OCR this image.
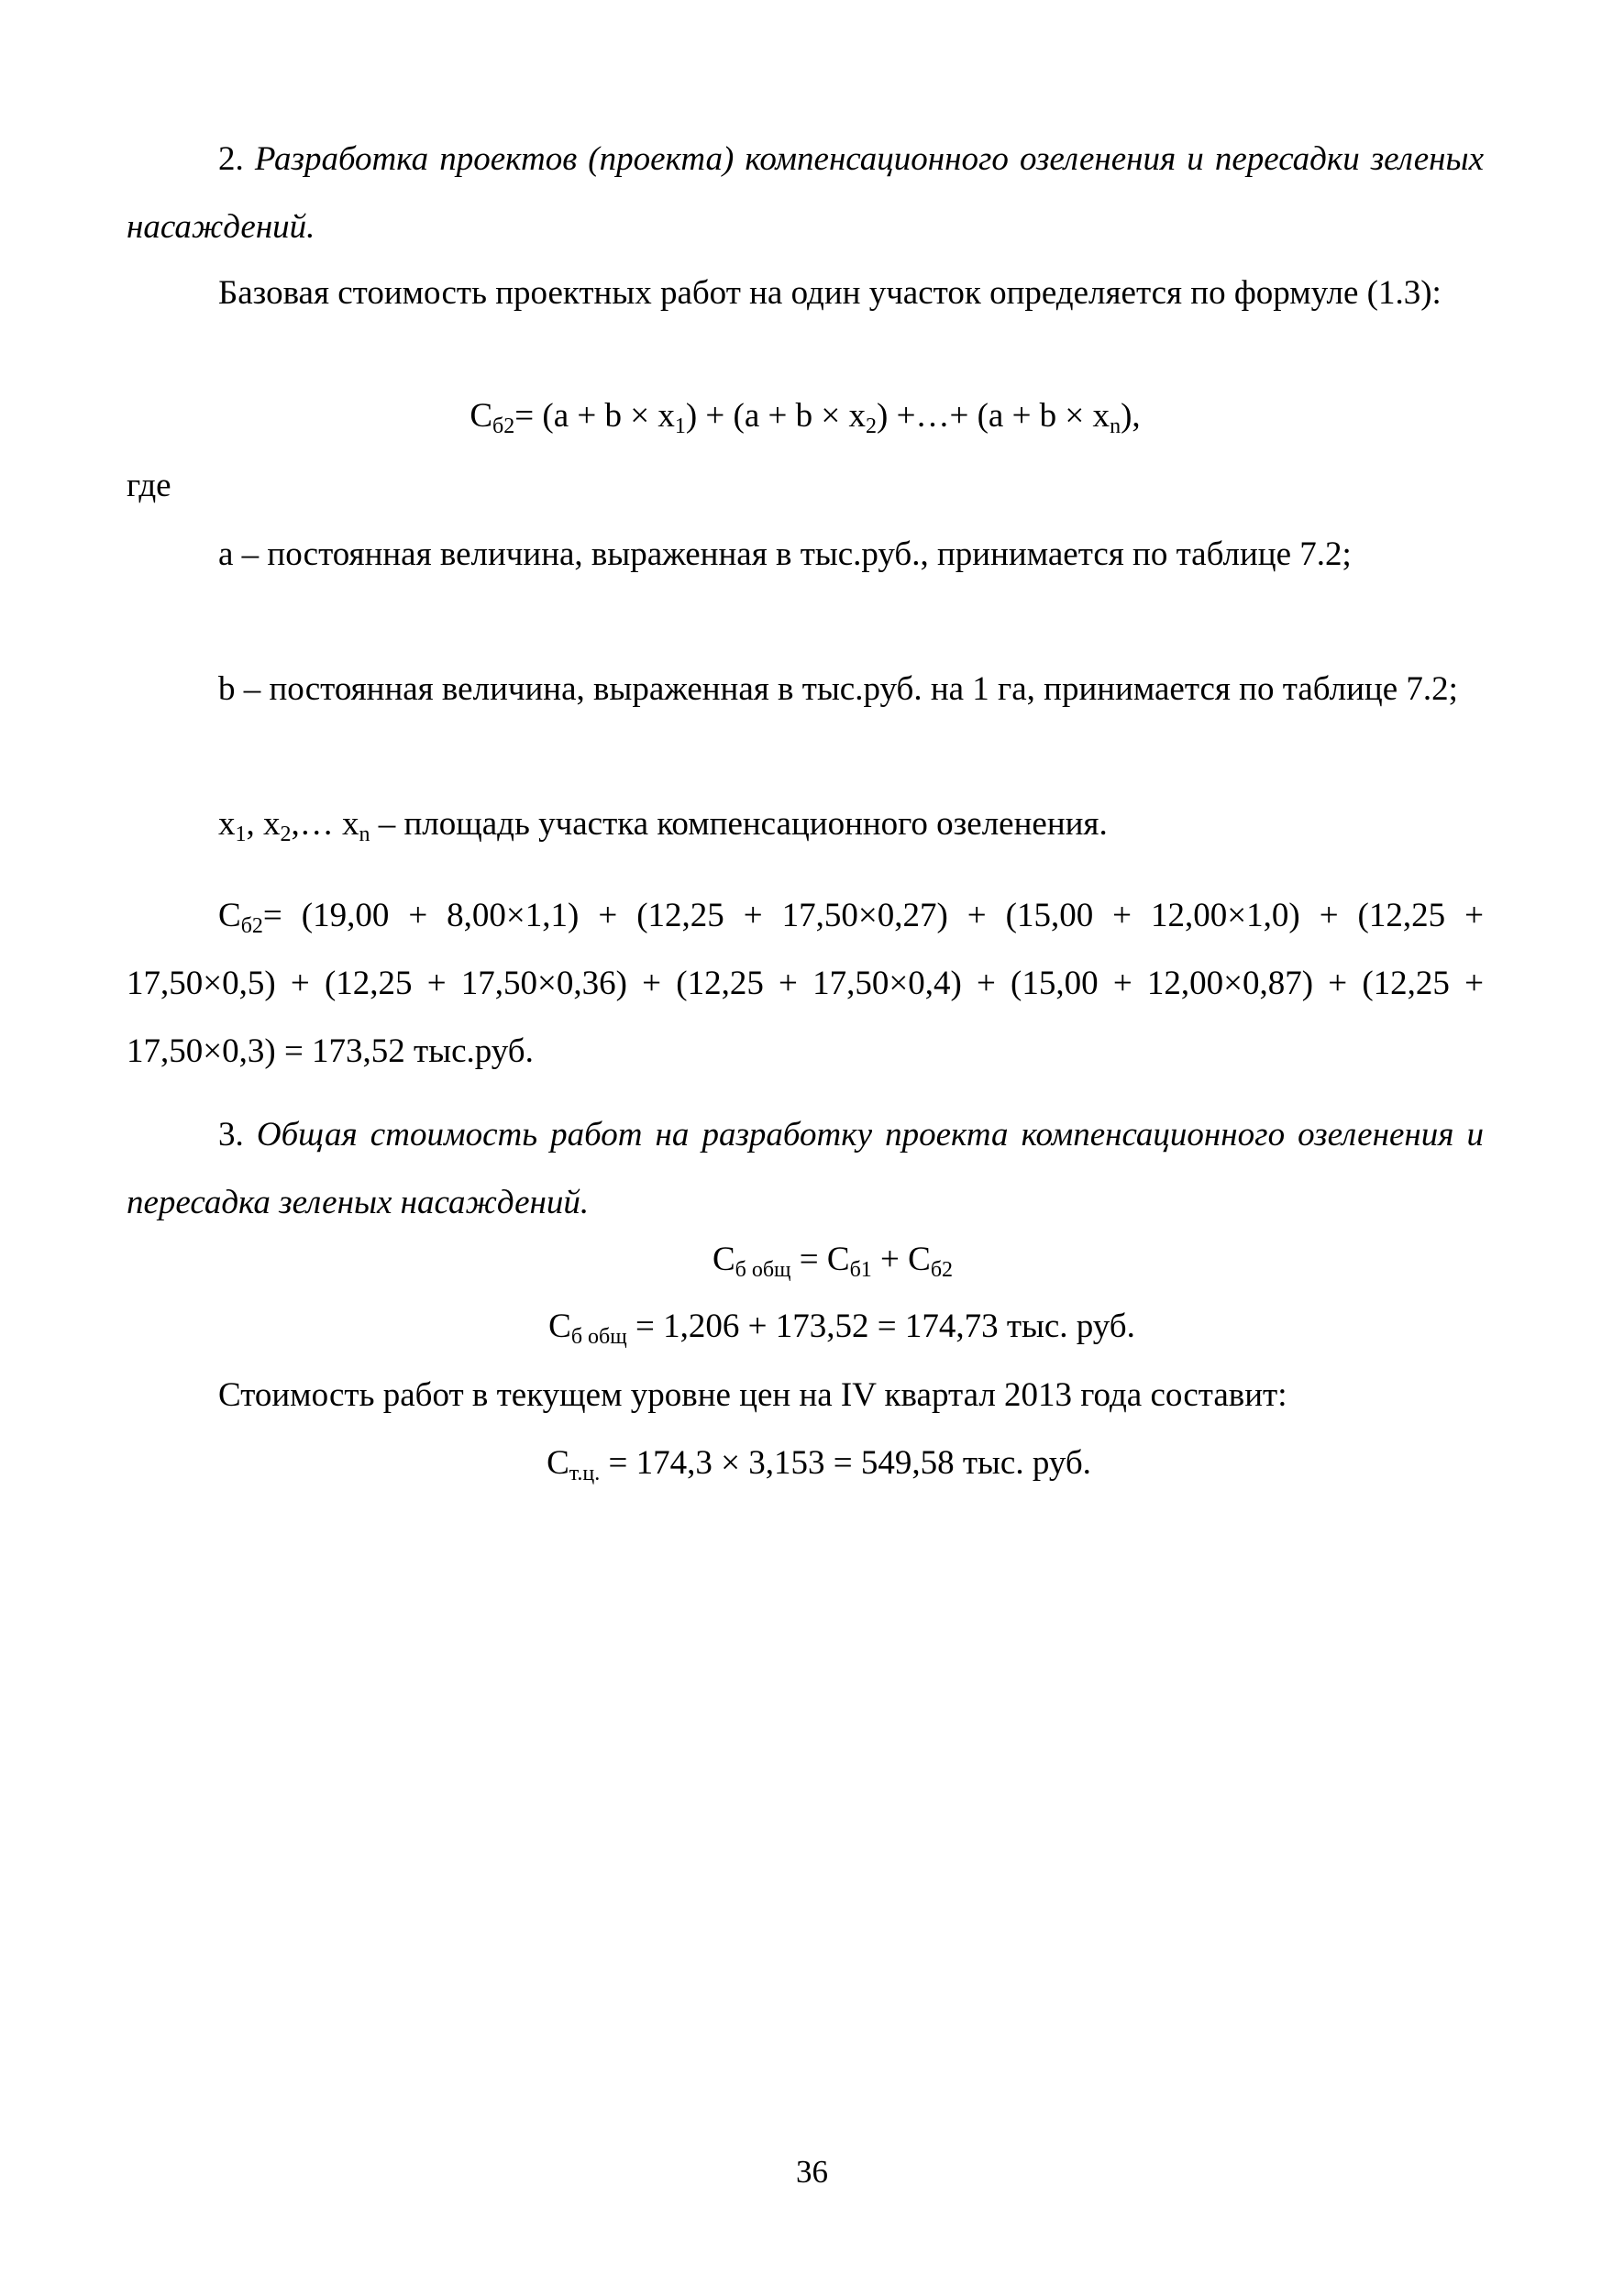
2. Разработка проектов (проекта) компенсационного озеленения и пересадки зеленых насаждений.

Базовая стоимость проектных работ на один участок определяется по формуле (1.3):

$С_{б2}= (a + b \times x_1) + (a + b \times x_2)$ +…+ $(a + b \times x_n)$,

где

a – постоянная величина, выраженная в тыс.руб., принимается по таблице 7.2;

b – постоянная величина, выраженная в тыс.руб. на 1 га, принимается по таблице 7.2;

$x_1$, $x_2,\dots$ $x_n$ – площадь участка компенсационного озеленения.

$С_{б2}= (19,00 + 8,00\times 1,1) + (12,25 + 17,50\times 0,27) + (15,00 + 12,00\times 1,0) + (12,25 + 17,50\times 0,5) + (12,25 + 17,50\times 0,36) + (12,25 + 17,50\times 0,4) + (15,00 + 12,00\times 0,87) + (12,25 + 17,50\times 0,3) = 173,52$ тыс.руб.

3. Общая стоимость работ на разработку проекта компенсационного озеленения и пересадка зеленых насаждений.

$С_{б общ} = С_{б1} + С_{б2}$

$С_{б общ} = 1,206 + 173,52 = 174,73$ тыс. руб.

Стоимость работ в текущем уровне цен на IV квартал 2013 года составит:

$С_{т.ц.} = 174,3 \times 3,153 = 549,58$ тыс. руб.

36
